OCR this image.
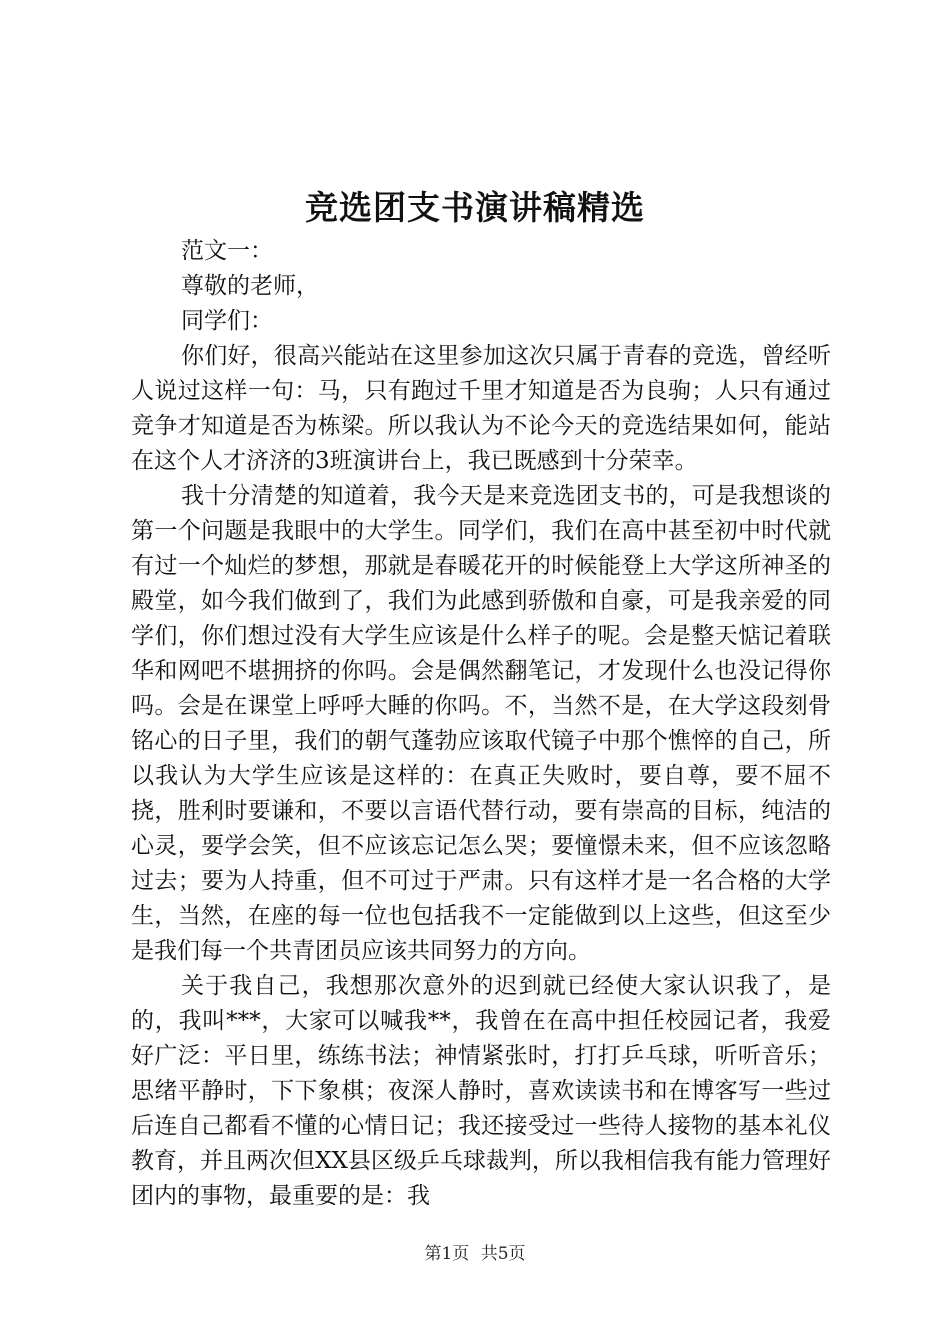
竞选团支书演讲稿精选

范文一：

尊敬的老师，

同学们：

你们好，很高兴能站在这里参加这次只属于青春的竞选，曾经听人说过这样一句：马，只有跑过千里才知道是否为良驹；人只有通过竞争才知道是否为栋梁。所以我认为不论今天的竞选结果如何，能站在这个人才济济的3班演讲台上，我已既感到十分荣幸。

我十分清楚的知道着，我今天是来竞选团支书的，可是我想谈的第一个问题是我眼中的大学生。同学们，我们在高中甚至初中时代就有过一个灿烂的梦想，那就是春暖花开的时候能登上大学这所神圣的殿堂，如今我们做到了，我们为此感到骄傲和自豪，可是我亲爱的同学们，你们想过没有大学生应该是什么样子的呢。会是整天惦记着联华和网吧不堪拥挤的你吗。会是偶然翻笔记，才发现什么也没记得你吗。会是在课堂上呼呼大睡的你吗。不，当然不是，在大学这段刻骨铭心的日子里，我们的朝气蓬勃应该取代镜子中那个憔悴的自己，所以我认为大学生应该是这样的：在真正失败时，要自尊，要不屈不挠，胜利时要谦和，不要以言语代替行动，要有崇高的目标，纯洁的心灵，要学会笑，但不应该忘记怎么哭；要憧憬未来，但不应该忽略过去；要为人持重，但不可过于严肃。只有这样才是一名合格的大学生，当然，在座的每一位也包括我不一定能做到以上这些，但这至少是我们每一个共青团员应该共同努力的方向。

关于我自己，我想那次意外的迟到就已经使大家认识我了，是的，我叫***，大家可以喊我**，我曾在在高中担任校园记者，我爱好广泛：平日里，练练书法；神情紧张时，打打乒乓球，听听音乐；思绪平静时，下下象棋；夜深人静时，喜欢读读书和在博客写一些过后连自己都看不懂的心情日记；我还接受过一些待人接物的基本礼仪教育，并且两次但XX县区级乒乓球裁判，所以我相信我有能力管理好团内的事物，最重要的是：我

第1页 共5页
